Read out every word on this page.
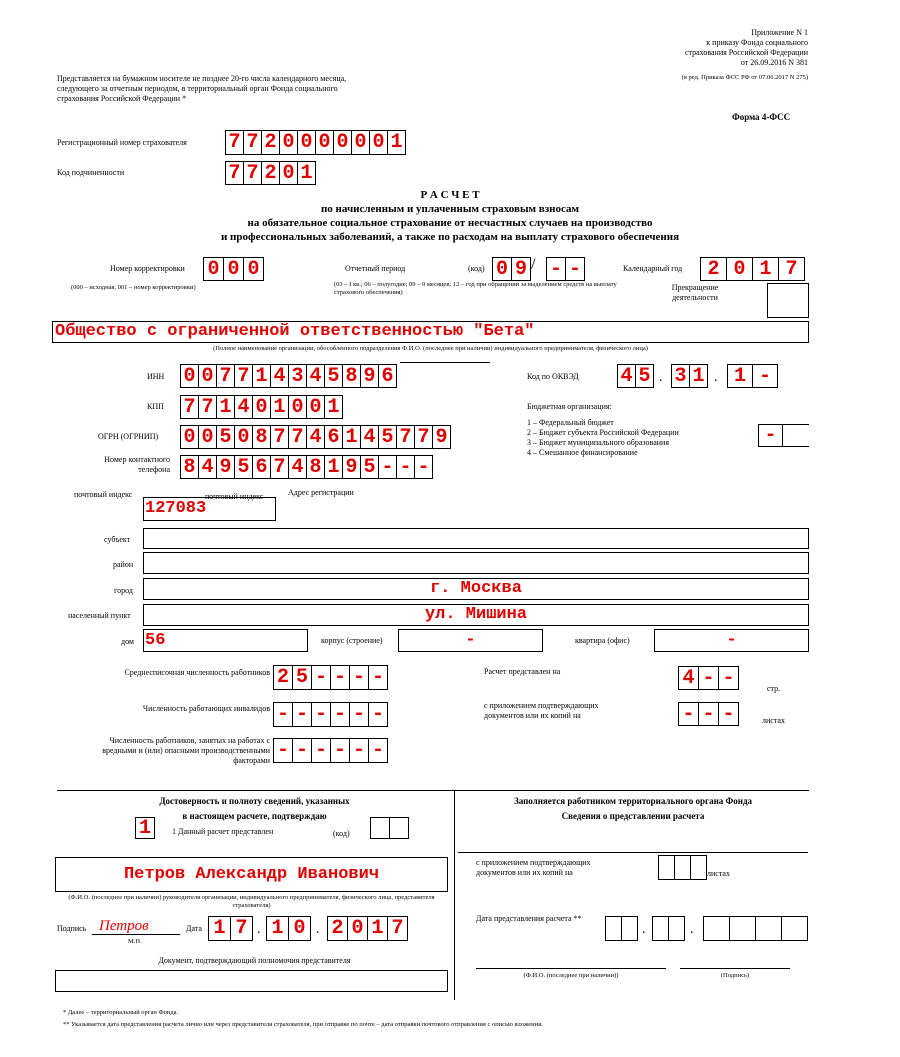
Приложение N 1
к приказу Фонда социального
страхования Российской Федерации
от 26.09.2016 N 381
(в ред. Приказа ФСС РФ от 07.06.2017 N 275)
Форма 4-ФСС
Представляется на бумажном носителе не позднее 20-го числа календарного месяца,
следующего за отчетным периодом, в территориальный орган Фонда социального
страхования Российской Федерации *
Регистрационный номер страхователя 7 7 2 0 0 0 0 0 0 1
Код подчиненности	7 7 2 0 1
Р А С Ч Е Т
по начисленным и уплаченным страховым взносам
на обязательное социальное страхование от несчастных случаев на производство
и профессиональных заболеваний, а также по расходам на выплату страхового обеспечения
Номер корректировки 0 0 0
(000 – исходная, 001 – номер корректировки)
Отчетный период	(код) 0 9 / - -
(03 – I кв.; 06 – полугодие; 09 – 9 месяцев; 12 – год при обращении за выделением средств на выплату страхового обеспечения)
Календарный год	2 0 1 7
Прекращение деятельности
Общество с ограниченной ответственностью "Бета"
(Полное наименование организации, обособленного подразделения Ф.И.О. (последнее при наличии) индивидуального предпринимателя, физического лица)
ИНН 0 0 7 7 1 4 3 4 5 8 9 6
КПП 7 7 1 4 0 1 0 0 1
ОГРН (ОГРНИП) 0 0 5 0 8 7 7 4 6 1 4 5 7 7 9
Номер контактного
телефона 8 4 9 5 6 7 4 8 1 9 5 - - -
Код по ОКВЭД 4 5 . 3 1 . 1 -
Бюджетная организация:
1 – Федеральный бюджет
2 – Бюджет субъекта Российской Федерации
3 – Бюджет муниципального образования
4 – Смешанное финансирование
-
почтовый индекс	почтовый индекс	Адрес регистрации
127083
субъект
район
город	г. Москва
населенный пункт	ул. Мишина
дом 56	корпус (строение)	-	квартира (офис)	-
Среднесписочная численность работников 2 5 - - - -
Численность работающих инвалидов - - - - - -
Численность работников, занятых на работах с
вредными и (или) опасными производственными
факторами - - - - - -
Расчет представлен на	4 - -	стр.
с приложением подтверждающих
документов или их копий на	- - -	листах
Достоверность и полноту сведений, указанных
в настоящем расчете, подтверждаю
1	1 Данный расчет представлен	(код)
Петров Александр Иванович
(Ф.И.О. (последнее при наличии) руководителя организации, индивидуального предпринимателя, физического лица, представителя страхователя)
Подпись Петров
М.П.
Дата 1 7 . 1 0 . 2 0 1 7
Документ, подтверждающий полномочия представителя
Заполняется работником территориального органа Фонда
Сведения о представлении расчета
с приложением подтверждающих
документов или их копий на	листах
Дата представления расчета **
.	.
(Ф.И.О. (последнее при наличии))	(Подпись)
* Далее – территориальный орган Фонда.
** Указывается дата представления расчета лично или через представителя страхователя, при отправке по почте – дата отправки почтового отправления с описью вложения.
